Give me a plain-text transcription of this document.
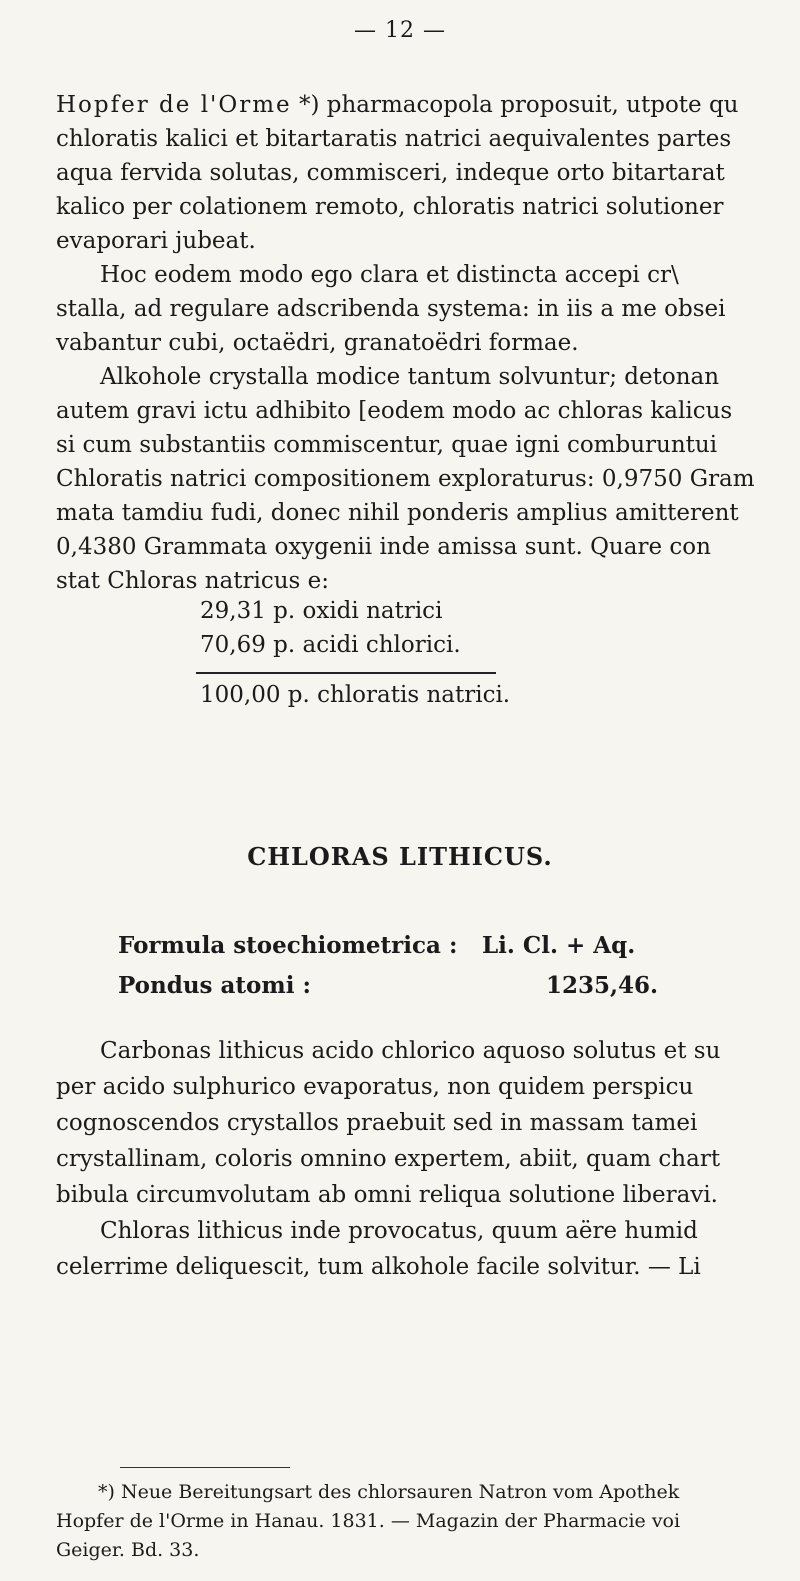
— 12 —
Hopfer de l'Orme *) pharmacopola proposuit, utpote qu
chloratis kalici et bitartaratis natrici aequivalentes partes
aqua fervida solutas, commisceri, indeque orto bitartarat
kalico per colationem remoto, chloratis natrici solutioner
evaporari jubeat.
Hoc eodem modo ego clara et distincta accepi cr\
stalla, ad regulare adscribenda systema: in iis a me obsei
vabantur cubi, octaëdri, granatoëdri formae.
Alkohole crystalla modice tantum solvuntur; detonan
autem gravi ictu adhibito [eodem modo ac chloras kalicus
si cum substantiis commiscentur, quae igni comburuntui
Chloratis natrici compositionem exploraturus: 0,9750 Gram
mata tamdiu fudi, donec nihil ponderis amplius amitterent
0,4380 Grammata oxygenii inde amissa sunt. Quare con
stat Chloras natricus e:
29,31 p. oxidi natrici
70,69 p. acidi chlorici.
100,00 p. chloratis natrici.
CHLORAS LITHICUS.
Formula stoechiometrica : Li. Cl. + Aq.
Pondus atomi :	1235,46.
Carbonas lithicus acido chlorico aquoso solutus et su
per acido sulphurico evaporatus, non quidem perspicu
cognoscendos crystallos praebuit sed in massam tamei
crystallinam, coloris omnino expertem, abiit, quam chart
bibula circumvolutam ab omni reliqua solutione liberavi.
Chloras lithicus inde provocatus, quum aëre humid
celerrime deliquescit, tum alkohole facile solvitur. — Li
*) Neue Bereitungsart des chlorsauren Natron vom Apothek
Hopfer de l'Orme in Hanau. 1831. — Magazin der Pharmacie voi
Geiger. Bd. 33.
